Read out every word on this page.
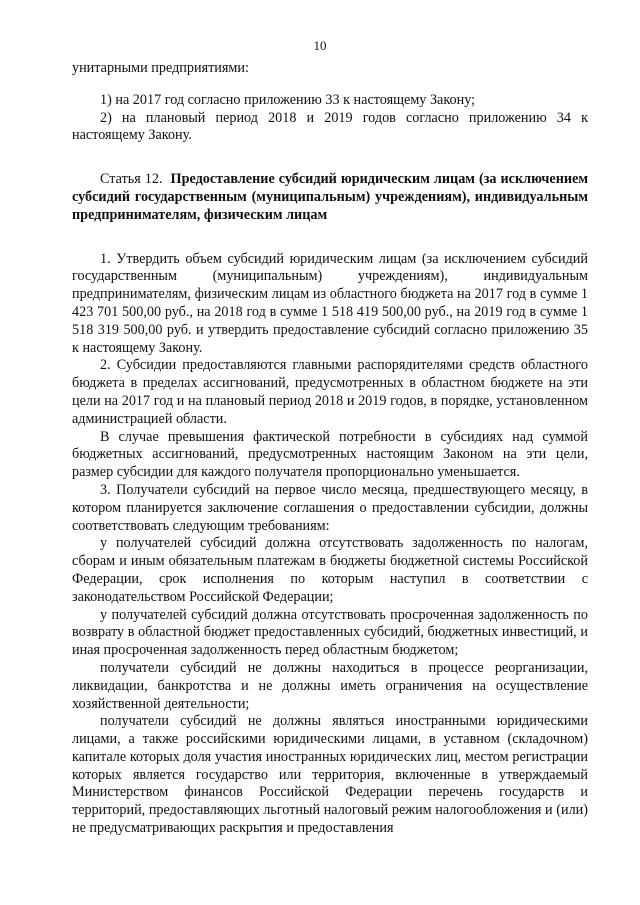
10

унитарными предприятиями:

1) на 2017 год согласно приложению 33 к настоящему Закону;

2) на плановый период 2018 и 2019 годов согласно приложению 34 к настоящему Закону.

Статья 12. Предоставление субсидий юридическим лицам (за исключением субсидий государственным (муниципальным) учреждениям), индивидуальным предпринимателям, физическим лицам

1. Утвердить объем субсидий юридическим лицам (за исключением субсидий государственным (муниципальным) учреждениям), индивидуальным предпринимателям, физическим лицам из областного бюджета на 2017 год в сумме 1 423 701 500,00 руб., на 2018 год в сумме 1 518 419 500,00 руб., на 2019 год в сумме 1 518 319 500,00 руб. и утвердить предоставление субсидий согласно приложению 35 к настоящему Закону.

2. Субсидии предоставляются главными распорядителями средств областного бюджета в пределах ассигнований, предусмотренных в областном бюджете на эти цели на 2017 год и на плановый период 2018 и 2019 годов, в порядке, установленном администрацией области.

В случае превышения фактической потребности в субсидиях над суммой бюджетных ассигнований, предусмотренных настоящим Законом на эти цели, размер субсидии для каждого получателя пропорционально уменьшается.

3. Получатели субсидий на первое число месяца, предшествующего месяцу, в котором планируется заключение соглашения о предоставлении субсидии, должны соответствовать следующим требованиям:

у получателей субсидий должна отсутствовать задолженность по налогам, сборам и иным обязательным платежам в бюджеты бюджетной системы Российской Федерации, срок исполнения по которым наступил в соответствии с законодательством Российской Федерации;

у получателей субсидий должна отсутствовать просроченная задолженность по возврату в областной бюджет предоставленных субсидий, бюджетных инвестиций, и иная просроченная задолженность перед областным бюджетом;

получатели субсидий не должны находиться в процессе реорганизации, ликвидации, банкротства и не должны иметь ограничения на осуществление хозяйственной деятельности;

получатели субсидий не должны являться иностранными юридическими лицами, а также российскими юридическими лицами, в уставном (складочном) капитале которых доля участия иностранных юридических лиц, местом регистрации которых является государство или территория, включенные в утверждаемый Министерством финансов Российской Федерации перечень государств и территорий, предоставляющих льготный налоговый режим налогообложения и (или) не предусматривающих раскрытия и предоставления
